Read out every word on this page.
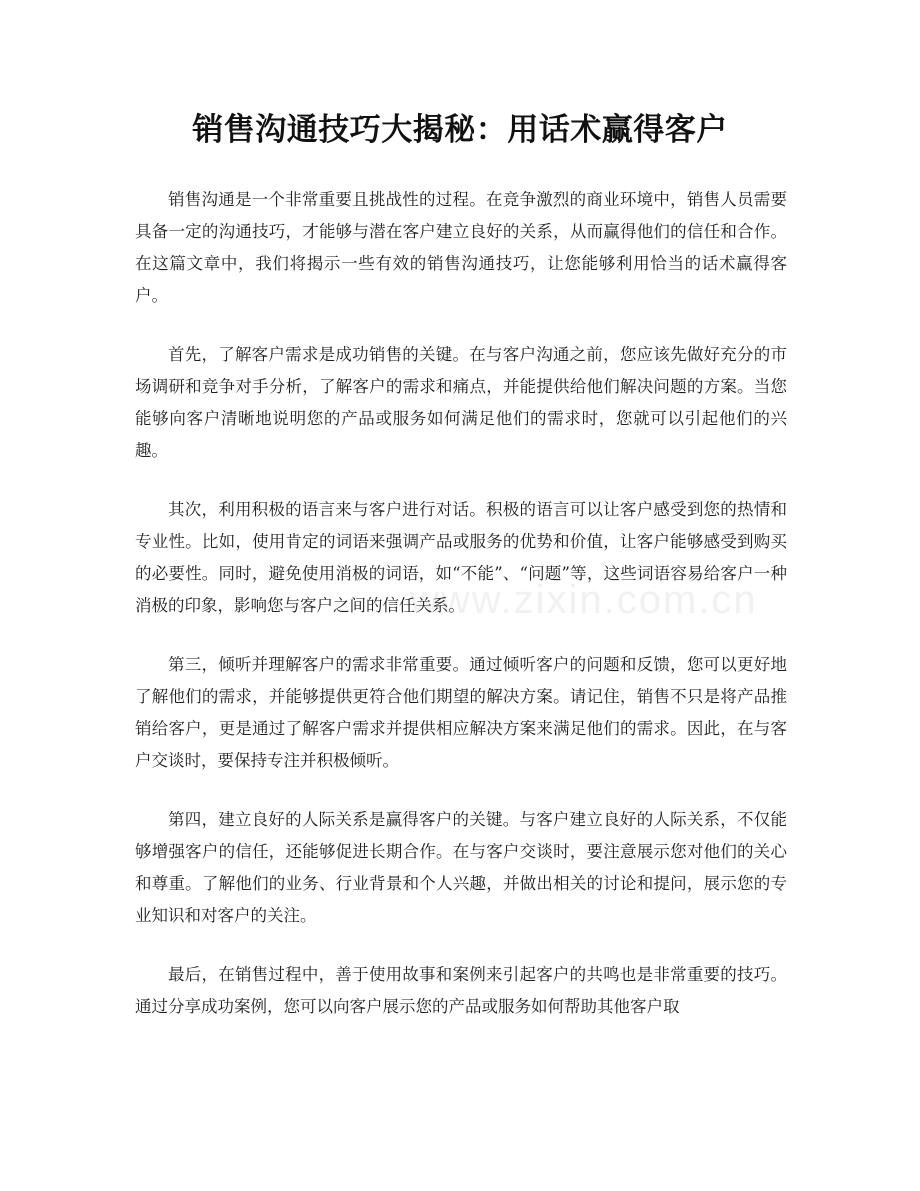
销售沟通技巧大揭秘：用话术赢得客户

销售沟通是一个非常重要且挑战性的过程。在竞争激烈的商业环境中，销售人员需要具备一定的沟通技巧，才能够与潜在客户建立良好的关系，从而赢得他们的信任和合作。在这篇文章中，我们将揭示一些有效的销售沟通技巧，让您能够利用恰当的话术赢得客户。

首先，了解客户需求是成功销售的关键。在与客户沟通之前，您应该先做好充分的市场调研和竞争对手分析，了解客户的需求和痛点，并能提供给他们解决问题的方案。当您能够向客户清晰地说明您的产品或服务如何满足他们的需求时，您就可以引起他们的兴趣。

其次，利用积极的语言来与客户进行对话。积极的语言可以让客户感受到您的热情和专业性。比如，使用肯定的词语来强调产品或服务的优势和价值，让客户能够感受到购买的必要性。同时，避免使用消极的词语，如“不能”、“问题”等，这些词语容易给客户一种消极的印象，影响您与客户之间的信任关系。

第三，倾听并理解客户的需求非常重要。通过倾听客户的问题和反馈，您可以更好地了解他们的需求，并能够提供更符合他们期望的解决方案。请记住，销售不只是将产品推销给客户，更是通过了解客户需求并提供相应解决方案来满足他们的需求。因此，在与客户交谈时，要保持专注并积极倾听。

第四，建立良好的人际关系是赢得客户的关键。与客户建立良好的人际关系，不仅能够增强客户的信任，还能够促进长期合作。在与客户交谈时，要注意展示您对他们的关心和尊重。了解他们的业务、行业背景和个人兴趣，并做出相关的讨论和提问，展示您的专业知识和对客户的关注。

最后，在销售过程中，善于使用故事和案例来引起客户的共鸣也是非常重要的技巧。通过分享成功案例，您可以向客户展示您的产品或服务如何帮助其他客户取

www.zixin.com.cn
